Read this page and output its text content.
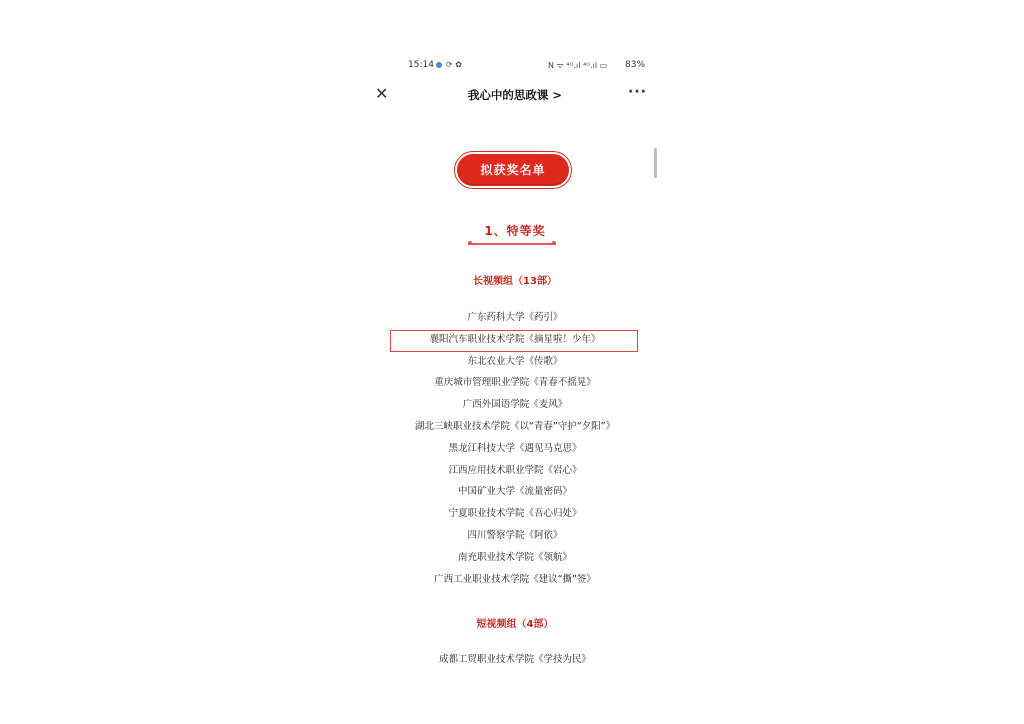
15:14 ⟳ ✿	N ᯤ ⁴ᴳ.ıl ⁴ᴳ.ıl ▭ 83%
✕	我心中的思政课 >	···
拟获奖名单
1、特等奖
长视频组（13部）
广东药科大学《药引》
襄阳汽车职业技术学院《摘星啦！少年》
东北农业大学《传歌》
重庆城市管理职业学院《青春不摇晃》
广西外国语学院《麦风》
湖北三峡职业技术学院《以“青春”守护“夕阳”》
黑龙江科技大学《遇见马克思》
江西应用技术职业学院《岩心》
中国矿业大学《流量密码》
宁夏职业技术学院《吾心归处》
四川警察学院《阿依》
南充职业技术学院《领航》
广西工业职业技术学院《建议“撕”签》
短视频组（4部）
成都工贸职业技术学院《学技为民》
